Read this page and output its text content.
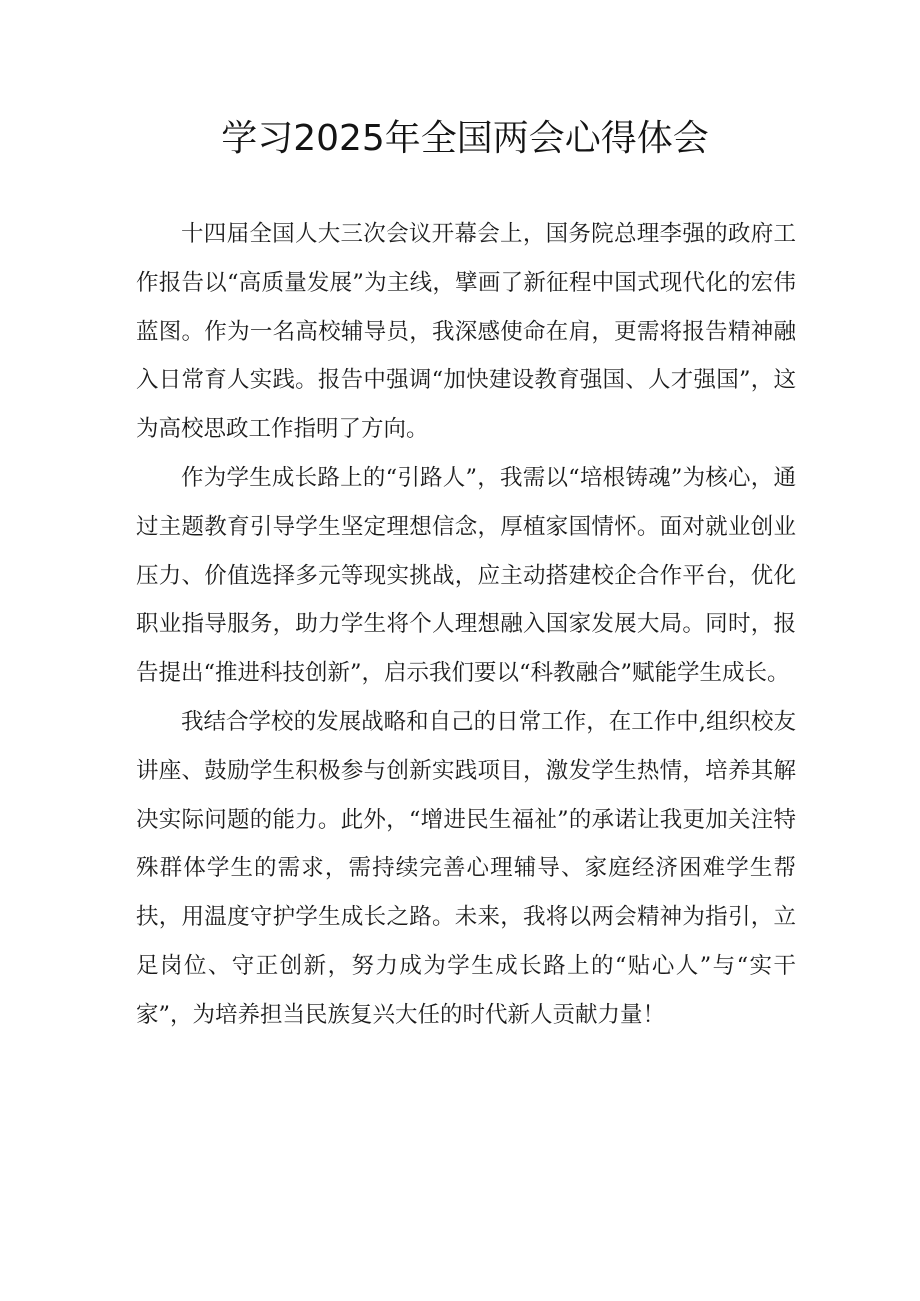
学习2025年全国两会心得体会

十四届全国人大三次会议开幕会上，国务院总理李强的政府工作报告以“高质量发展”为主线，擘画了新征程中国式现代化的宏伟蓝图。作为一名高校辅导员，我深感使命在肩，更需将报告精神融入日常育人实践。报告中强调“加快建设教育强国、人才强国”，这为高校思政工作指明了方向。

作为学生成长路上的“引路人”，我需以“培根铸魂”为核心，通过主题教育引导学生坚定理想信念，厚植家国情怀。面对就业创业压力、价值选择多元等现实挑战，应主动搭建校企合作平台，优化职业指导服务，助力学生将个人理想融入国家发展大局。同时，报告提出“推进科技创新”，启示我们要以“科教融合”赋能学生成长。

我结合学校的发展战略和自己的日常工作，在工作中,组织校友讲座、鼓励学生积极参与创新实践项目，激发学生热情，培养其解决实际问题的能力。此外，“增进民生福祉”的承诺让我更加关注特殊群体学生的需求，需持续完善心理辅导、家庭经济困难学生帮扶，用温度守护学生成长之路。未来，我将以两会精神为指引，立足岗位、守正创新，努力成为学生成长路上的“贴心人”与“实干家”，为培养担当民族复兴大任的时代新人贡献力量！
